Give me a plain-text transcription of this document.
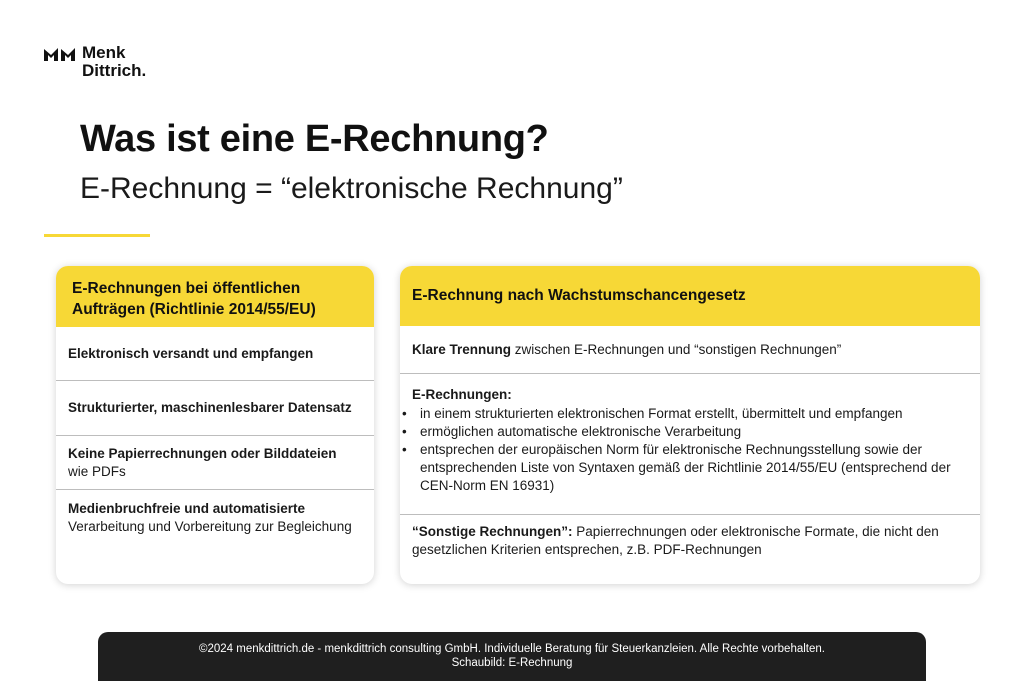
Menk
Dittrich.
Was ist eine E-Rechnung?
E-Rechnung = “elektronische Rechnung”
E-Rechnungen bei öffentlichen Aufträgen (Richtlinie 2014/55/EU)
Elektronisch versandt und empfangen
Strukturierter, maschinenlesbarer Datensatz
Keine Papierrechnungen oder Bilddateien
wie PDFs
Medienbruchfreie und automatisierte
Verarbeitung und Vorbereitung zur Begleichung
E-Rechnung nach Wachstumschancengesetz
Klare Trennung zwischen E-Rechnungen und “sonstigen Rechnungen”
E-Rechnungen:
• in einem strukturierten elektronischen Format erstellt, übermittelt und empfangen
• ermöglichen automatische elektronische Verarbeitung
• entsprechen der europäischen Norm für elektronische Rechnungsstellung sowie der entsprechenden Liste von Syntaxen gemäß der Richtlinie 2014/55/EU (entsprechend der CEN-Norm EN 16931)
“Sonstige Rechnungen”: Papierrechnungen oder elektronische Formate, die nicht den gesetzlichen Kriterien entsprechen, z.B. PDF-Rechnungen
©2024 menkdittrich.de - menkdittrich consulting GmbH. Individuelle Beratung für Steuerkanzleien. Alle Rechte vorbehalten.
Schaubild: E-Rechnung
